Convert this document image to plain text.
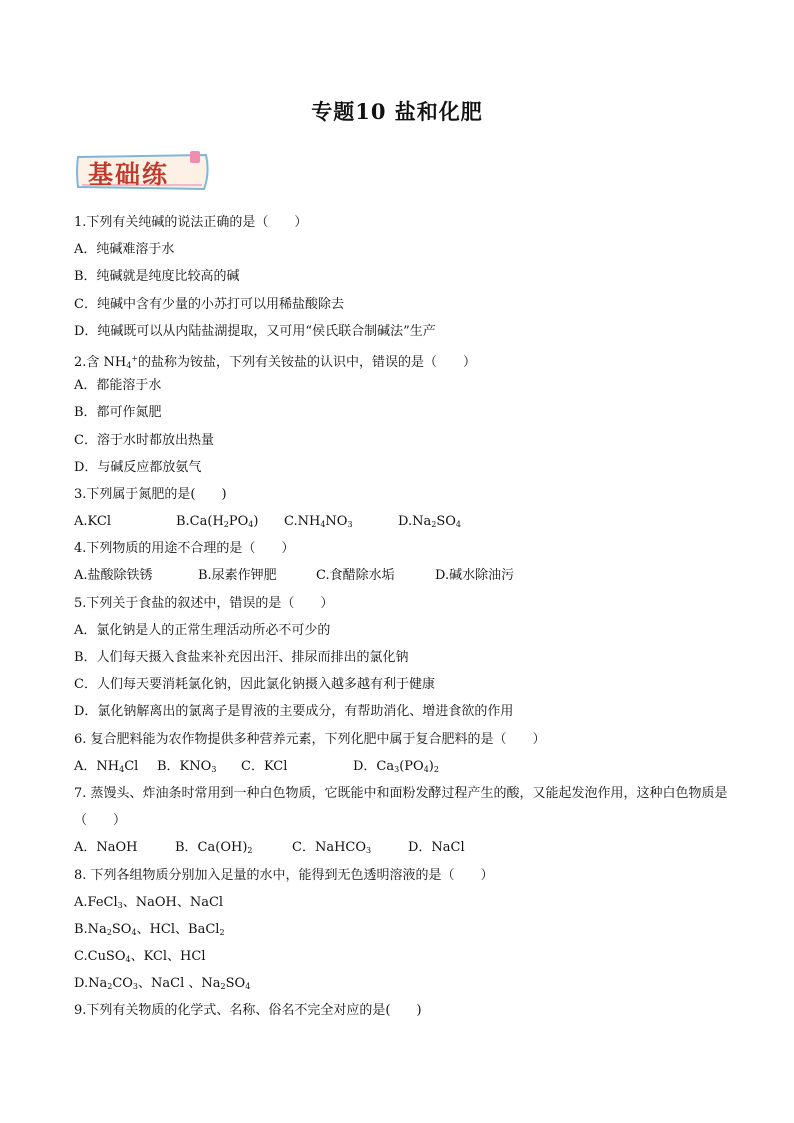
专题10 盐和化肥
基础练
1.下列有关纯碱的说法正确的是（　　）
A．纯碱难溶于水
B．纯碱就是纯度比较高的碱
C．纯碱中含有少量的小苏打可以用稀盐酸除去
D．纯碱既可以从内陆盐湖提取，又可用“侯氏联合制碱法”生产
2.含 $NH_4^+$的盐称为铵盐，下列有关铵盐的认识中，错误的是（　　）
A．都能溶于水
B．都可作氮肥
C．溶于水时都放出热量
D．与碱反应都放氨气
3.下列属于氮肥的是(　　)
A.KCl	$B.Ca(H_2PO_4)$	$C.NH_4NO_3$	$D.Na_2SO_4$
4.下列物质的用途不合理的是（　　）
A.盐酸除铁锈	B.尿素作钾肥	C.食醋除水垢	D.碱水除油污
5.下列关于食盐的叙述中，错误的是（　　）
A．氯化钠是人的正常生理活动所必不可少的
B．人们每天摄入食盐来补充因出汗、排尿而排出的氯化钠
C．人们每天要消耗氯化钠，因此氯化钠摄入越多越有利于健康
D．氯化钠解离出的氯离子是胃液的主要成分，有帮助消化、增进食欲的作用
6. 复合肥料能为农作物提供多种营养元素，下列化肥中属于复合肥料的是（　　）
A．$NH_4Cl$	B．$KNO_3$	C．KCl	D．$Ca_3(PO_4)_2$
7. 蒸馒头、炸油条时常用到一种白色物质，它既能中和面粉发酵过程产生的酸，又能起发泡作用，这种白色物质是（　　）
A．NaOH	B．$Ca(OH)_2$	C．NaHCO$_3$	D．NaCl
8. 下列各组物质分别加入足量的水中，能得到无色透明溶液的是（　　）
A.FeCl$_3$、NaOH、NaCl
$B.Na_2SO_4$、HCl、BaCl$_2$
C.CuSO$_4$、KCl、HCl
$D.Na_2CO_3$、NaCl 、$Na_2SO_4$
9.下列有关物质的化学式、名称、俗名不完全对应的是(　　)
